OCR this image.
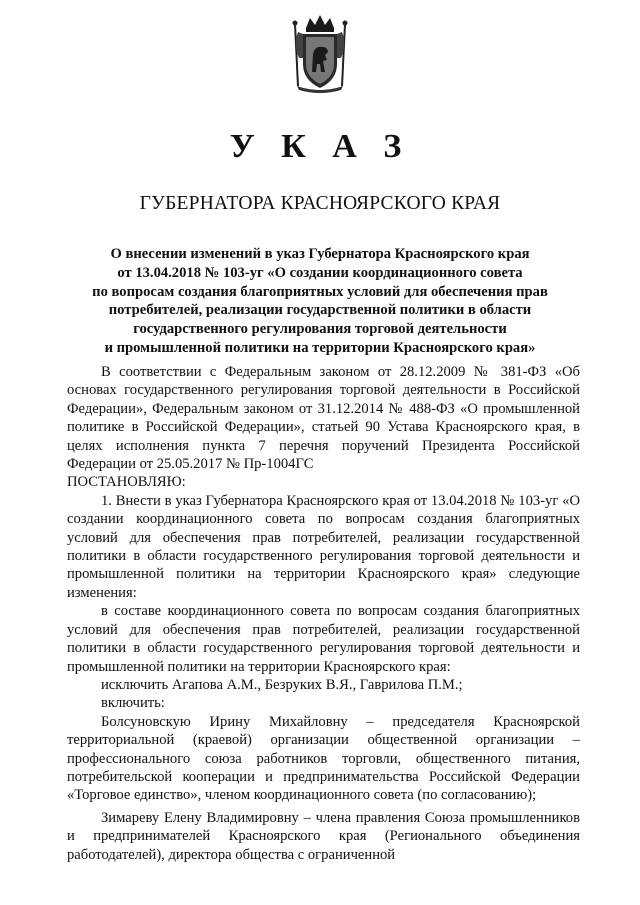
У К А З
ГУБЕРНАТОРА КРАСНОЯРСКОГО КРАЯ
О внесении изменений в указ Губернатора Красноярского края
от 13.04.2018 № 103-уг «О создании координационного совета
по вопросам создания благоприятных условий для обеспечения прав
потребителей, реализации государственной политики в области
государственного регулирования торговой деятельности
и промышленной политики на территории Красноярского края»

В соответствии с Федеральным законом от 28.12.2009 № 381-ФЗ «Об основах государственного регулирования торговой деятельности в Российской Федерации», Федеральным законом от 31.12.2014 № 488-ФЗ «О промышленной политике в Российской Федерации», статьей 90 Устава Красноярского края, в целях исполнения пункта 7 перечня поручений Президента Российской Федерации от 25.05.2017 № Пр-1004ГС

ПОСТАНОВЛЯЮ:

1. Внести в указ Губернатора Красноярского края от 13.04.2018 № 103-уг «О создании координационного совета по вопросам создания благоприятных условий для обеспечения прав потребителей, реализации государственной политики в области государственного регулирования торговой деятельности и промышленной политики на территории Красноярского края» следующие изменения:

в составе координационного совета по вопросам создания благоприятных условий для обеспечения прав потребителей, реализации государственной политики в области государственного регулирования торговой деятельности и промышленной политики на территории Красноярского края:

исключить Агапова А.М., Безруких В.Я., Гаврилова П.М.;

включить:

Болсуновскую Ирину Михайловну – председателя Красноярской территориальной (краевой) организации общественной организации – профессионального союза работников торговли, общественного питания, потребительской кооперации и предпринимательства Российской Федерации «Торговое единство», членом координационного совета (по согласованию);

Зимареву Елену Владимировну – члена правления Союза промышленников и предпринимателей Красноярского края (Регионального объединения работодателей), директора общества с ограниченной
